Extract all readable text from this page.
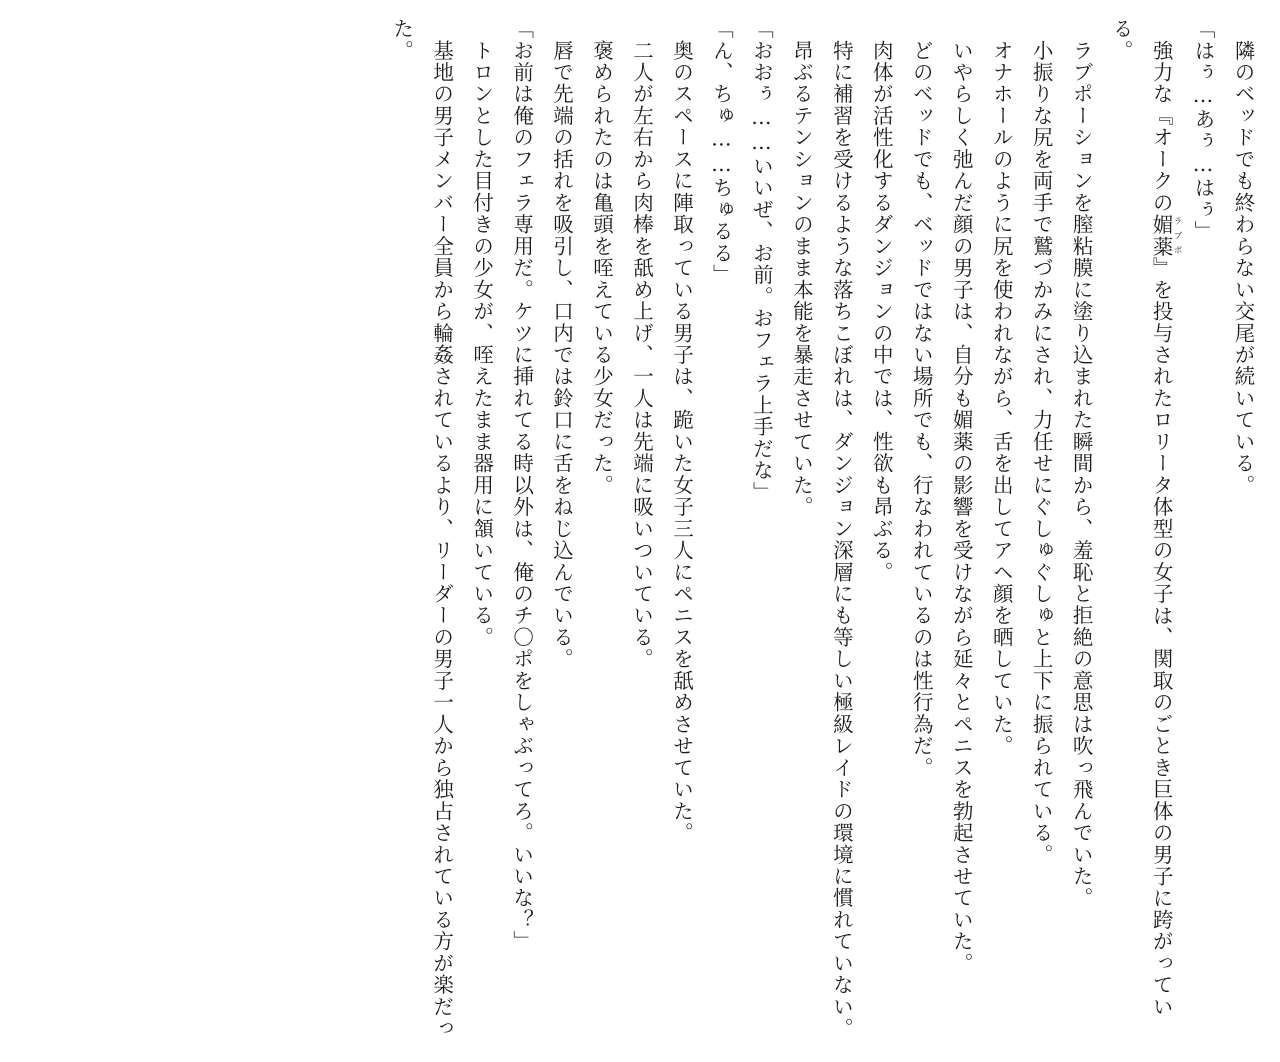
　隣のベッドでも終わらない交尾が続いている。

「はぅ…あぅ…はぅ」

　強力な『オークの媚薬 ラブポ』を投与されたロリータ体型の女子は、関取のごとき巨体の男子に跨がっている。

　ラブポーションを膣粘膜に塗り込まれた瞬間から、羞恥と拒絶の意思は吹っ飛んでいた。

　小振りな尻を両手で鷲づかみにされ、力任せにぐしゅぐしゅと上下に振られている。

　オナホールのように尻を使われながら、舌を出してアヘ顔を晒していた。

　いやらしく弛んだ顔の男子は、自分も媚薬の影響を受けながら延々とペニスを勃起させていた。

　どのベッドでも、ベッドではない場所でも、行なわれているのは性行為だ。

　肉体が活性化するダンジョンの中では、性欲も昂ぶる。

　特に補習を受けるような落ちこぼれは、ダンジョン深層にも等しい極級レイドの環境に慣れていない。

　昂ぶるテンションのまま本能を暴走させていた。

「おおぅ……いいぜ、お前。おフェラ上手だな」

「ん、ちゅ……ちゅるる」

　奥のスペースに陣取っている男子は、跪いた女子三人にペニスを舐めさせていた。

　二人が左右から肉棒を舐め上げ、一人は先端に吸いついている。

　褒められたのは亀頭を咥えている少女だった。

　唇で先端の括れを吸引し、口内では鈴口に舌をねじ込んでいる。

「お前は俺のフェラ専用だ。ケツに挿れてる時以外は、俺のチ〇ポをしゃぶってろ。いいな？」

　トロンとした目付きの少女が、咥えたまま器用に頷いている。

　基地の男子メンバー全員から輪姦されているより、リーダーの男子一人から独占されている方が楽だった。
